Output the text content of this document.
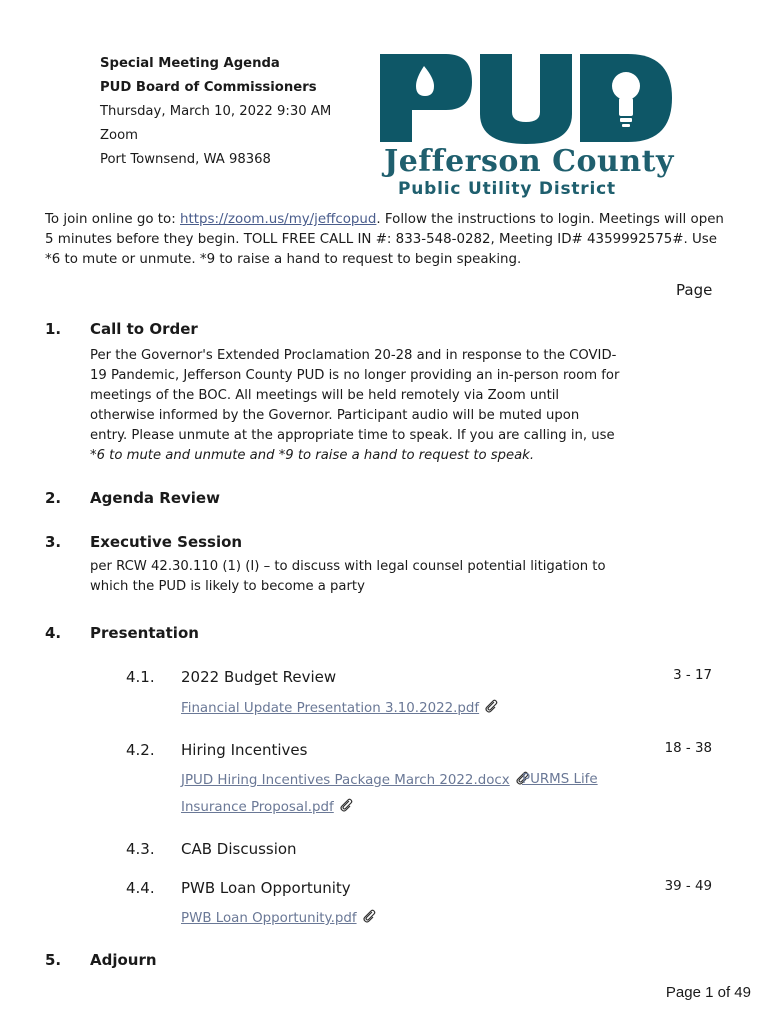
Special Meeting Agenda
PUD Board of Commissioners
Thursday, March 10, 2022 9:30 AM
Zoom
Port Townsend, WA 98368	Jefferson County
Public Utility District
To join online go to: https://zoom.us/my/jeffcopud. Follow the instructions to login. Meetings will open 5 minutes before they begin. TOLL FREE CALL IN #: 833-548-0282, Meeting ID# 4359992575#. Use *6 to mute or unmute. *9 to raise a hand to request to begin speaking.
Page
1. Call to Order
Per the Governor's Extended Proclamation 20-28 and in response to the COVID-19 Pandemic, Jefferson County PUD is no longer providing an in-person room for meetings of the BOC. All meetings will be held remotely via Zoom until otherwise informed by the Governor. Participant audio will be muted upon entry. Please unmute at the appropriate time to speak. If you are calling in, use *6 to mute and unmute and *9 to raise a hand to request to speak.
2. Agenda Review
3. Executive Session
per RCW 42.30.110 (1) (I) – to discuss with legal counsel potential litigation to which the PUD is likely to become a party
4. Presentation
4.1. 2022 Budget Review	3 - 17
Financial Update Presentation 3.10.2022.pdf
4.2. Hiring Incentives	18 - 38
JPUD Hiring Incentives Package March 2022.docx PURMS Life
Insurance Proposal.pdf
4.3. CAB Discussion
4.4. PWB Loan Opportunity	39 - 49
PWB Loan Opportunity.pdf
5. Adjourn
Page 1 of 49
